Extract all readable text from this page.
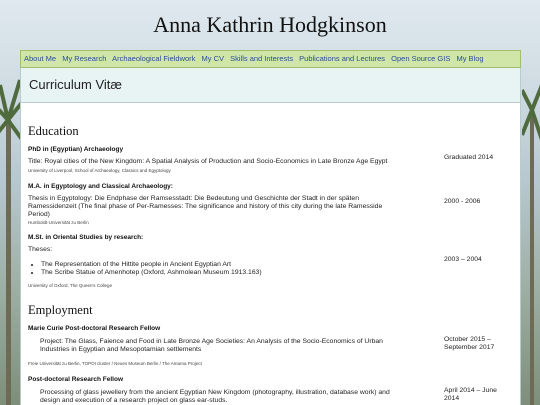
Anna Kathrin Hodgkinson
About Me My Research Archaeological Fieldwork My CV Skills and Interests Publications and Lectures Open Source GIS My Blog
Curriculum Vitæ
Education
PhD in (Egyptian) Archaeology
Title: Royal cities of the New Kingdom: A Spatial Analysis of Production and Socio-Economics in Late Bronze Age Egypt
University of Liverpool, School of Archaeology, Classics and Egyptology
Graduated 2014
M.A. in Egyptology and Classical Archaeology:
Thesis in Egyptology: Die Endphase der Ramsesstadt: Die Bedeutung und Geschichte der Stadt in der späten
Ramessidenzeit (The final phase of Per-Ramesses: The significance and history of this city during the late Ramesside
Period)
Humboldt-Universität zu Berlin
2000 - 2006
M.St. in Oriental Studies by research:
Theses:
• The Representation of the Hittite people in Ancient Egyptian Art
• The Scribe Statue of Amenhotep (Oxford, Ashmolean Museum 1913.163)
University of Oxford, The Queen's College
2003 – 2004
Employment
Marie Curie Post-doctoral Research Fellow
Project: The Glass, Faience and Food in Late Bronze Age Societies: An Analysis of the Socio-Economics of Urban
Industries in Egyptian and Mesopotamian settlements
Freie Universität zu Berlin, TOPOI cluster / Neues Museum Berlin / The Amarna Project
October 2015 –
September 2017
Post-doctoral Research Fellow
Processing of glass jewellery from the ancient Egyptian New Kingdom (photography, illustration, database work) and
design and execution of a research project on glass ear-studs.
April 2014 – June
2014
